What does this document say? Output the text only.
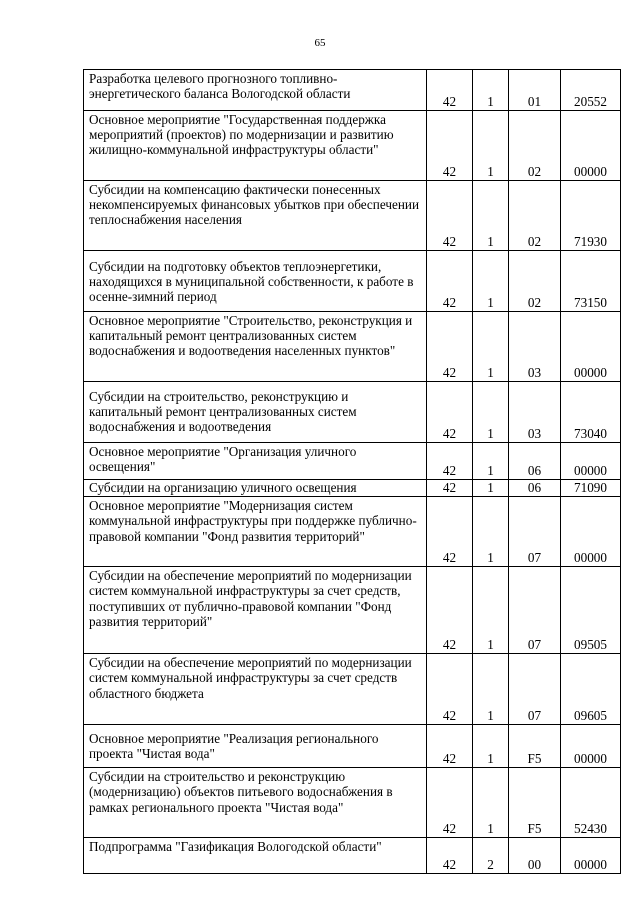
65
Разработка целевого прогнозного топливно-энергетического баланса Вологодской области	42	1	01	20552

Основное мероприятие "Государственная поддержка мероприятий (проектов) по модернизации и развитию жилищно-коммунальной инфраструктуры области"	42	1	02	00000

Субсидии на компенсацию фактически понесенных некомпенсируемых финансовых убытков при обеспечении теплоснабжения населения	42	1	02	71930

Субсидии на подготовку объектов теплоэнергетики, находящихся в муниципальной собственности, к работе в осенне-зимний период	42	1	02	73150

Основное мероприятие "Строительство, реконструкция и капитальный ремонт централизованных систем водоснабжения и водоотведения населенных пунктов"	42	1	03	00000

Субсидии на строительство, реконструкцию и капитальный ремонт централизованных систем водоснабжения и водоотведения	42	1	03	73040

Основное мероприятие "Организация уличного освещения"	42	1	06	00000

Субсидии на организацию уличного освещения	42	1	06	71090

Основное мероприятие "Модернизация систем коммунальной инфраструктуры при поддержке публично-правовой компании "Фонд развития территорий"	42	1	07	00000

Субсидии на обеспечение мероприятий по модернизации систем коммунальной инфраструктуры за счет средств, поступивших от публично-правовой компании "Фонд развития территорий"	42	1	07	09505

Субсидии на обеспечение мероприятий по модернизации систем коммунальной инфраструктуры за счет средств областного бюджета	42	1	07	09605

Основное мероприятие "Реализация регионального проекта "Чистая вода"	42	1	F5	00000

Субсидии на строительство и реконструкцию (модернизацию) объектов питьевого водоснабжения в рамках регионального проекта "Чистая вода"	42	1	F5	52430

Подпрограмма "Газификация Вологодской области"	42	2	00	00000
